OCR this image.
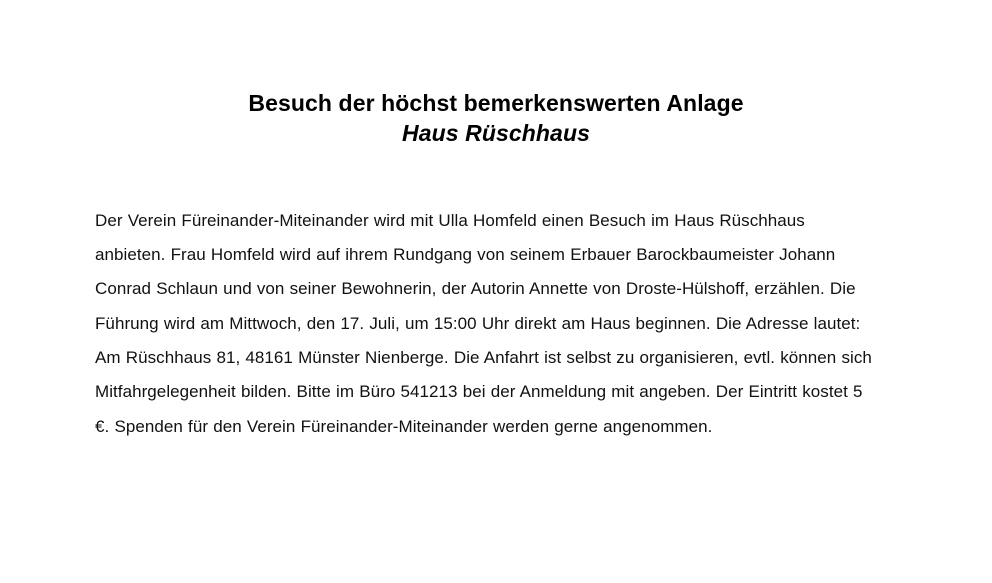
Besuch der höchst bemerkenswerten Anlage
Haus Rüschhaus

Der Verein Füreinander-Miteinander wird mit Ulla Homfeld einen Besuch im Haus Rüschhaus anbieten. Frau Homfeld wird auf ihrem Rundgang von seinem Erbauer Barockbaumeister Johann Conrad Schlaun und von seiner Bewohnerin, der Autorin Annette von Droste-Hülshoff, erzählen. Die Führung wird am Mittwoch, den 17. Juli, um 15:00 Uhr direkt am Haus beginnen. Die Adresse lautet: Am Rüschhaus 81, 48161 Münster Nienberge. Die Anfahrt ist selbst zu organisieren, evtl. können sich Mitfahrgelegenheit bilden. Bitte im Büro 541213 bei der Anmeldung mit angeben. Der Eintritt kostet 5 €. Spenden für den Verein Füreinander-Miteinander werden gerne angenommen.
